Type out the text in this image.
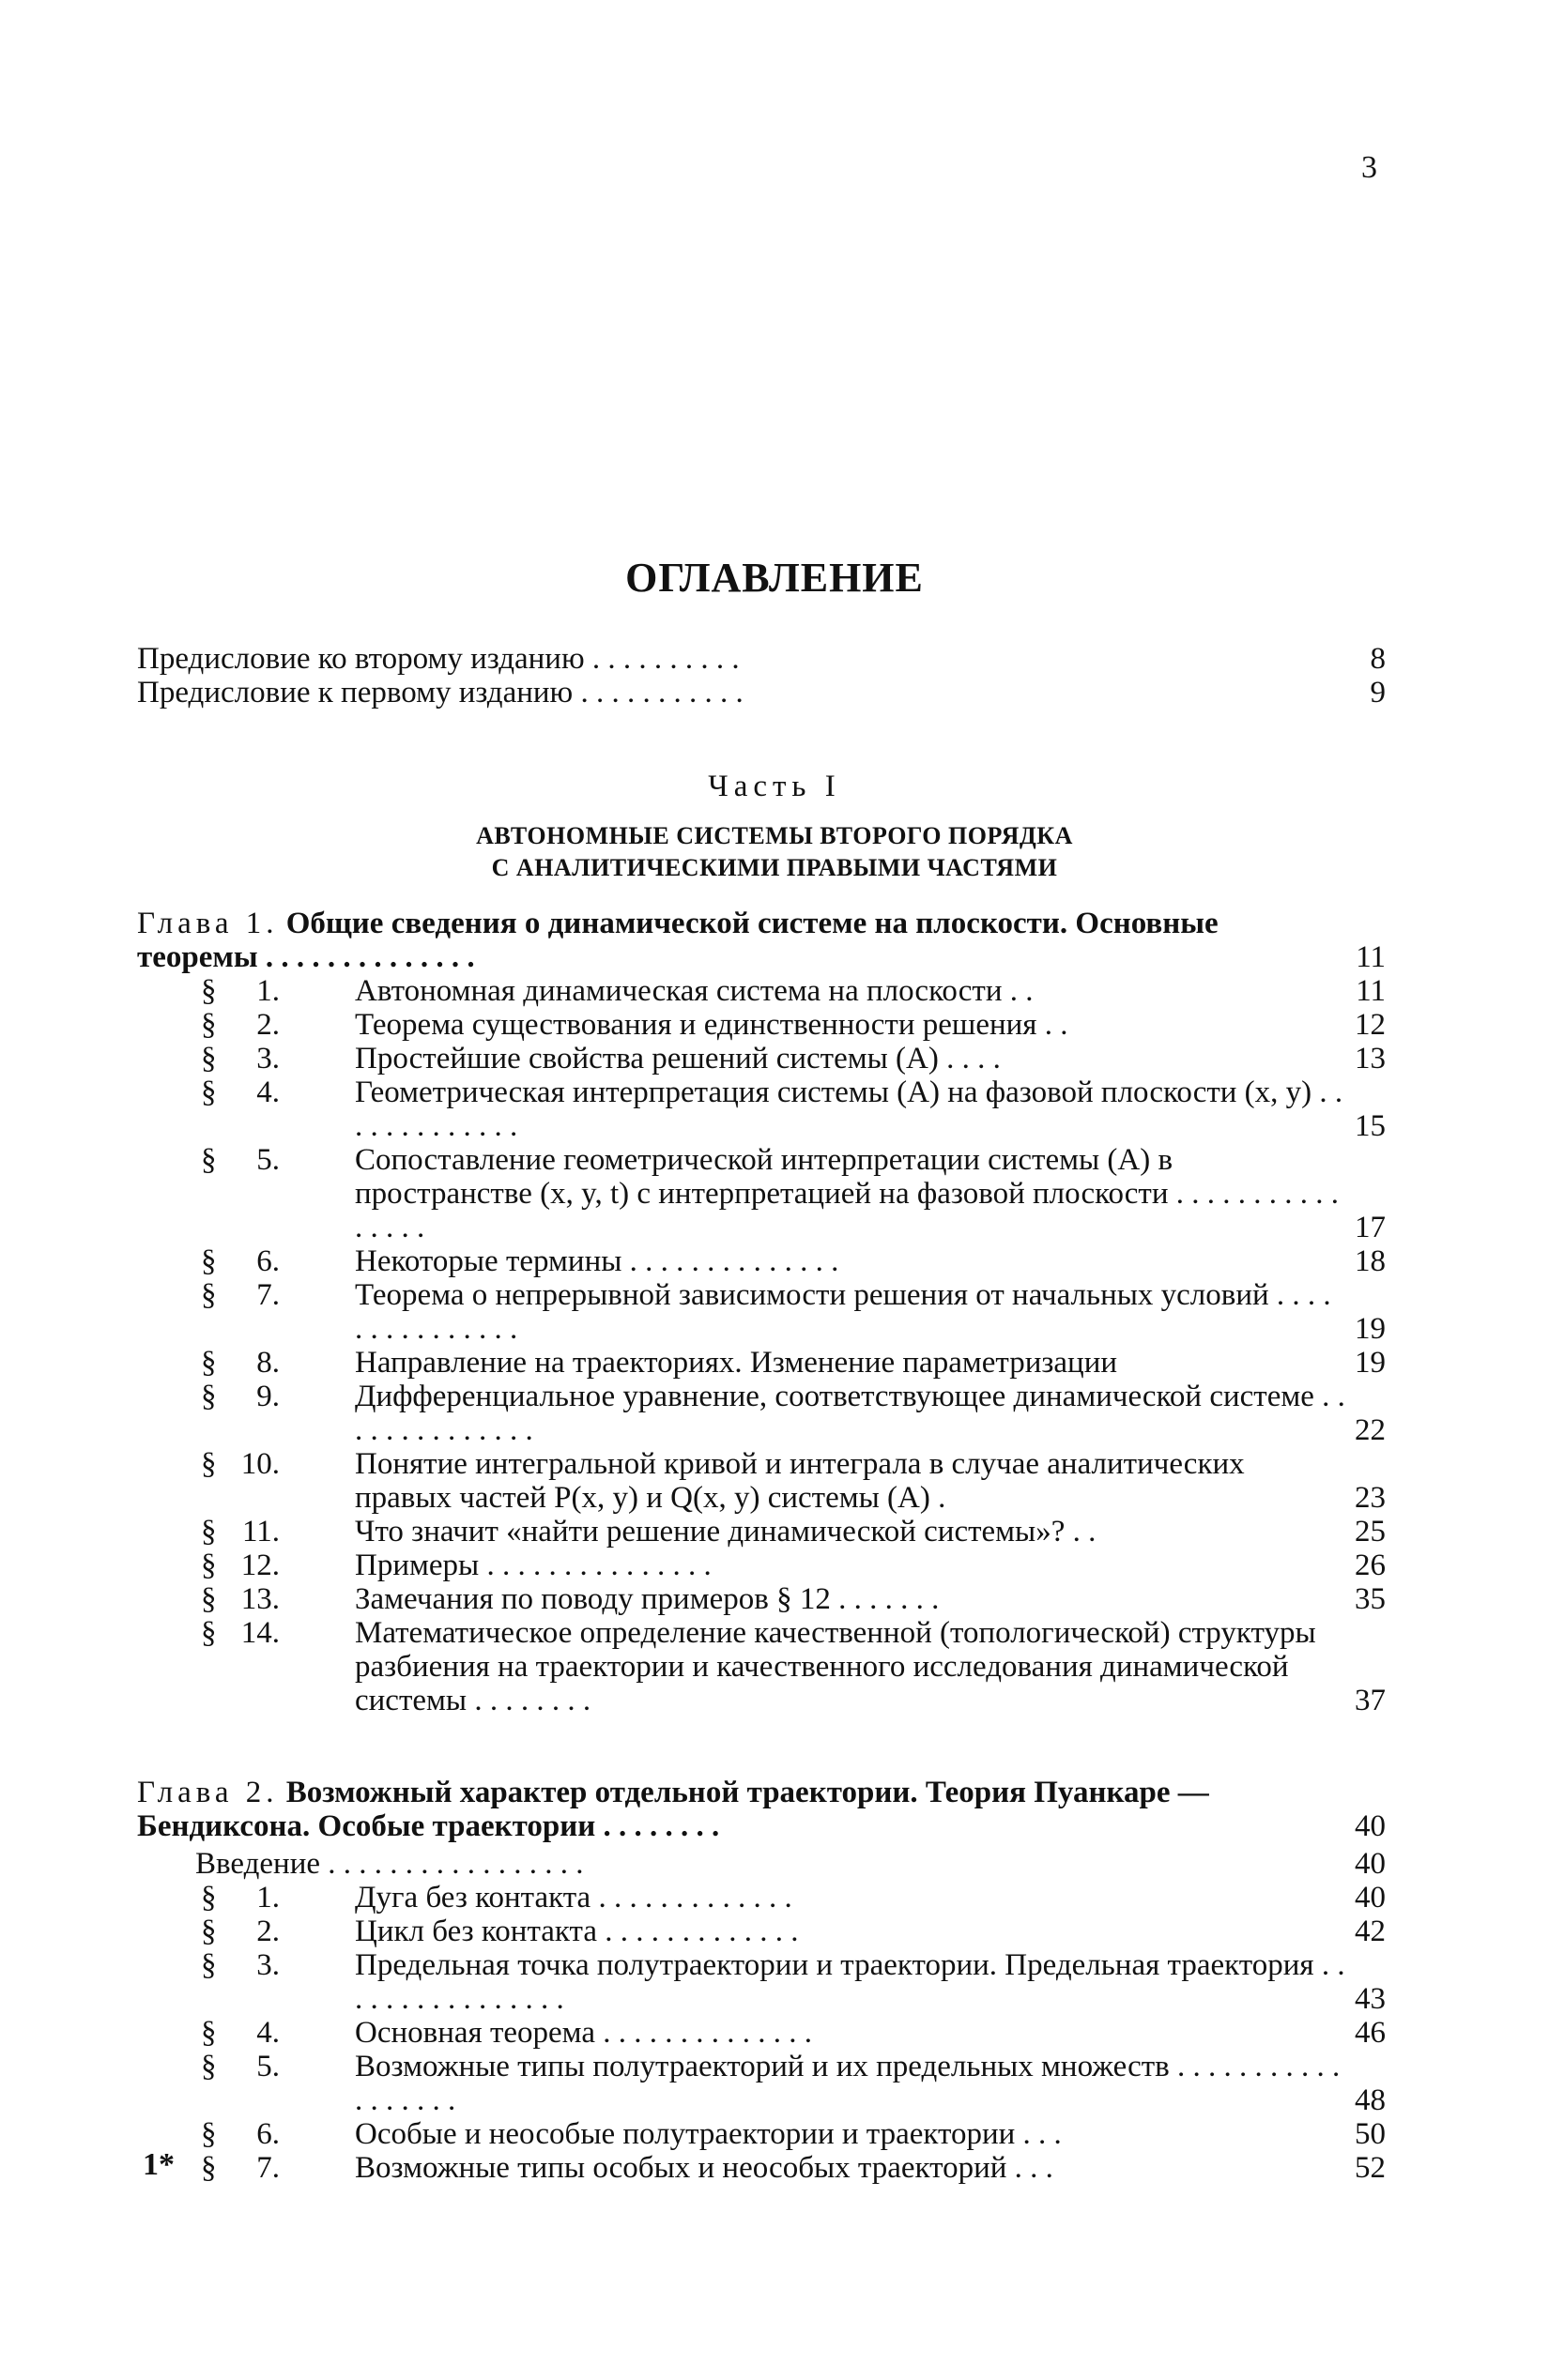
3
ОГЛАВЛЕНИЕ
Предисловие ко второму изданию . . . . . . . . . .	8
Предисловие к первому изданию . . . . . . . . . . .	9
Часть I
АВТОНОМНЫЕ СИСТЕМЫ ВТОРОГО ПОРЯДКА
С АНАЛИТИЧЕСКИМИ ПРАВЫМИ ЧАСТЯМИ
Глава 1. Общие сведения о динамической системе на плоскости. Основные теоремы . . . . . . . . . . . . . .	11
§	1. Автономная динамическая система на плоскости . .	11
§	2. Теорема существования и единственности решения . .	12
§	3. Простейшие свойства решений системы (A) . . . .	13
§	4. Геометрическая интерпретация системы (A) на фазовой плоскости (x, y) . . . . . . . . . . . . .	15
§	5. Сопоставление геометрической интерпретации системы (A) в пространстве (x, y, t) с интерпретацией на фазовой плоскости . . . . . . . . . . . . . . . .	17
§	6. Некоторые термины . . . . . . . . . . . . . .	18
§	7. Теорема о непрерывной зависимости решения от начальных условий . . . . . . . . . . . . . . .	19
§	8. Направление на траекториях. Изменение параметризации	19
§	9. Дифференциальное уравнение, соответствующее динамической системе . . . . . . . . . . . . . .	22
§ 10. Понятие интегральной кривой и интеграла в случае аналитических правых частей P(x, y) и Q(x, y) системы (A) .	23
§ 11. Что значит «найти решение динамической системы»? . .	25
§ 12. Примеры . . . . . . . . . . . . . . .	26
§ 13. Замечания по поводу примеров § 12 . . . . . . .	35
§ 14. Математическое определение качественной (топологической) структуры разбиения на траектории и качественного исследования динамической системы . . . . . . . .	37
Глава 2. Возможный характер отдельной траектории. Теория Пуанкаре — Бендиксона. Особые траектории . . . . . . . .	40
Введение . . . . . . . . . . . . . . . . .	40
§	1. Дуга без контакта . . . . . . . . . . . . .	40
§	2. Цикл без контакта . . . . . . . . . . . . .	42
§	3. Предельная точка полутраектории и траектории. Предельная траектория . . . . . . . . . . . . . . . .	43
§	4. Основная теорема . . . . . . . . . . . . . .	46
§	5. Возможные типы полутраекторий и их предельных множеств . . . . . . . . . . . . . . . . . .	48
§	6. Особые и неособые полутраектории и траектории . . .	50
§	7. Возможные типы особых и неособых траекторий . . .	52
1*
